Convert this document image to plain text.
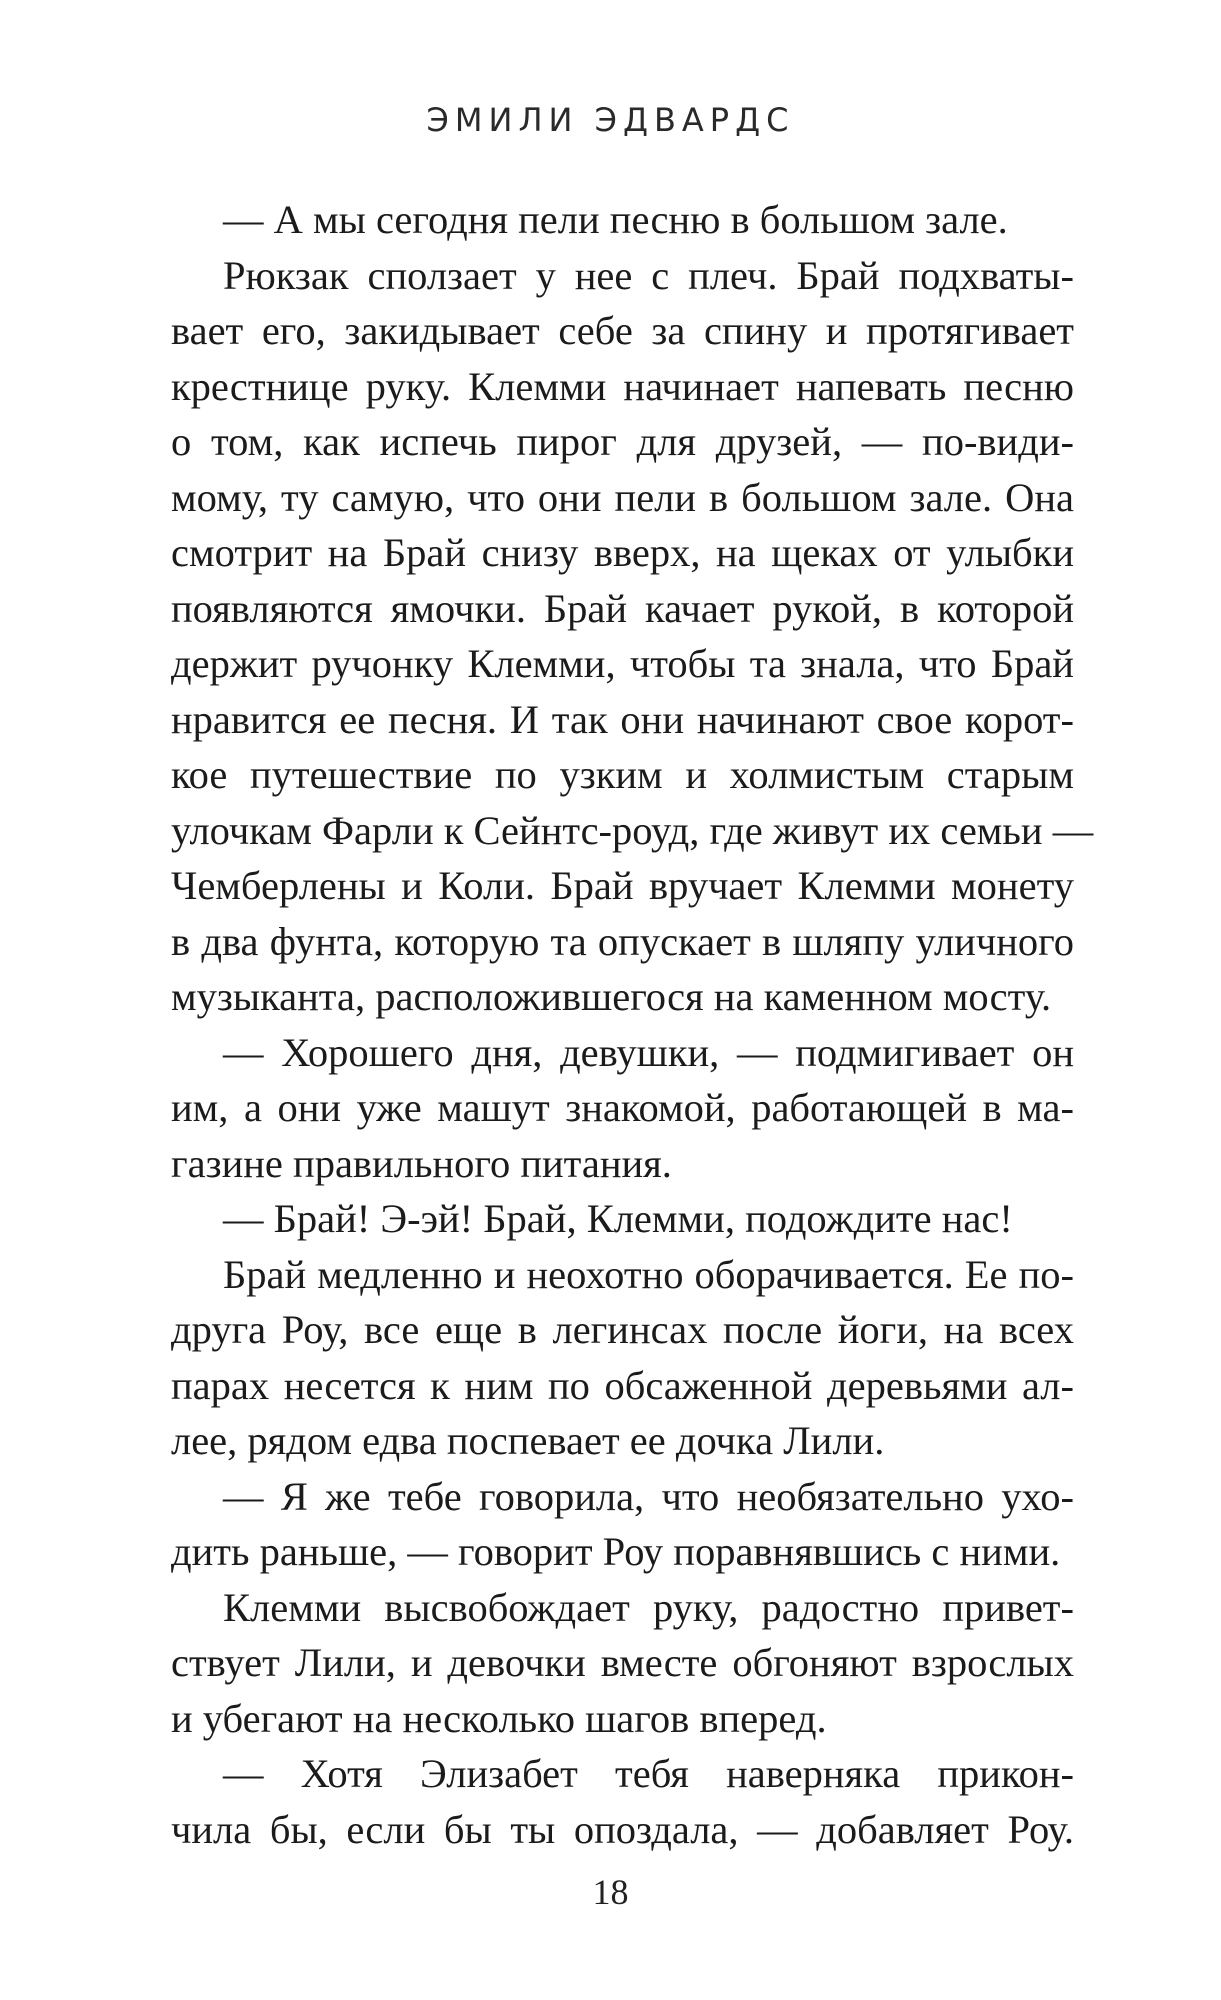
ЭМИЛИ ЭДВАРДС
— А мы сегодня пели песню в большом зале.
Рюкзак сползает у нее с плеч. Брай подхваты-
вает его, закидывает себе за спину и протягивает
крестнице руку. Клемми начинает напевать песню
о том, как испечь пирог для друзей, — по-види-
мому, ту самую, что они пели в большом зале. Она
смотрит на Брай снизу вверх, на щеках от улыбки
появляются ямочки. Брай качает рукой, в которой
держит ручонку Клемми, чтобы та знала, что Брай
нравится ее песня. И так они начинают свое корот-
кое путешествие по узким и холмистым старым
улочкам Фарли к Сейнтс-роуд, где живут их семьи —
Чемберлены и Коли. Брай вручает Клемми монету
в два фунта, которую та опускает в шляпу уличного
музыканта, расположившегося на каменном мосту.
— Хорошего дня, девушки, — подмигивает он
им, а они уже машут знакомой, работающей в ма-
газине правильного питания.
— Брай! Э-эй! Брай, Клемми, подождите нас!
Брай медленно и неохотно оборачивается. Ее по-
друга Роу, все еще в легинсах после йоги, на всех
парах несется к ним по обсаженной деревьями ал-
лее, рядом едва поспевает ее дочка Лили.
— Я же тебе говорила, что необязательно ухо-
дить раньше, — говорит Роу поравнявшись с ними.
Клемми высвобождает руку, радостно привет-
ствует Лили, и девочки вместе обгоняют взрослых
и убегают на несколько шагов вперед.
— Хотя Элизабет тебя наверняка прикон-
чила бы, если бы ты опоздала, — добавляет Роу.
18
